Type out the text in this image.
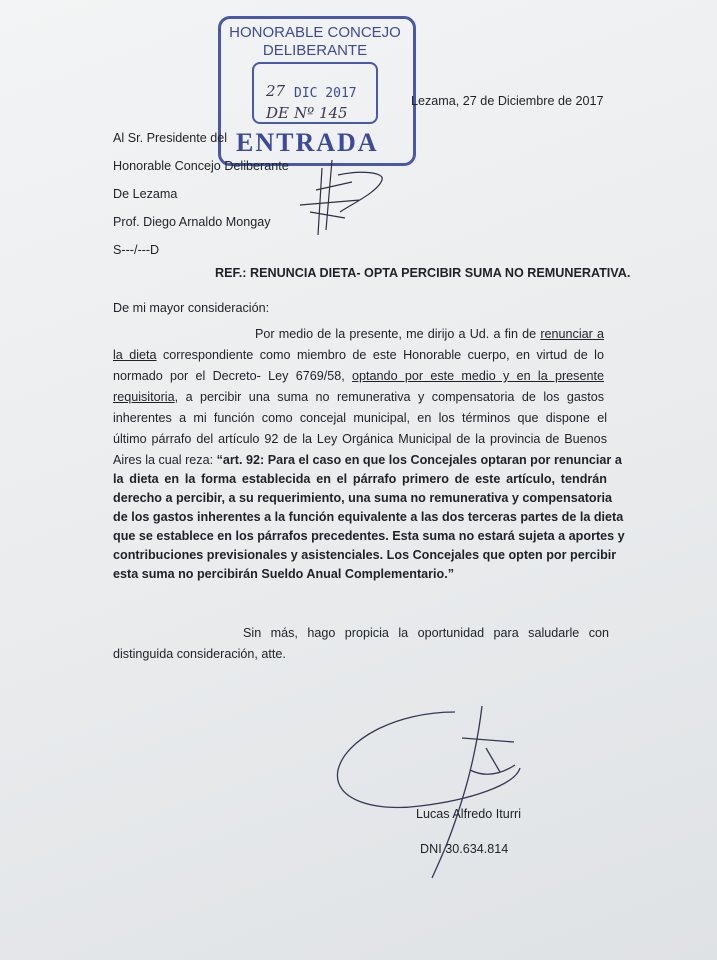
HONORABLE CONCEJO
DELIBERANTE
27 DIC 2017
DE Nº 145
ENTRADA
Lezama, 27 de Diciembre de 2017
Al Sr. Presidente del
Honorable Concejo Deliberante
De Lezama
Prof. Diego Arnaldo Mongay
S---/---D
REF.: RENUNCIA DIETA- OPTA PERCIBIR SUMA NO REMUNERATIVA.
De mi mayor consideración:
Por medio de la presente, me dirijo a Ud. a fin de renunciar a
la dieta correspondiente como miembro de este Honorable cuerpo, en virtud de lo
normado por el Decreto- Ley 6769/58, optando por este medio y en la presente
requisitoria, a percibir una suma no remunerativa y compensatoria de los gastos
inherentes a mi función como concejal municipal, en los términos que dispone el
último párrafo del artículo 92 de la Ley Orgánica Municipal de la provincia de Buenos
Aires la cual reza: “art. 92: Para el caso en que los Concejales optaran por renunciar a
la dieta en la forma establecida en el párrafo primero de este artículo, tendrán
derecho a percibir, a su requerimiento, una suma no remunerativa y compensatoria
de los gastos inherentes a la función equivalente a las dos terceras partes de la dieta
que se establece en los párrafos precedentes. Esta suma no estará sujeta a aportes y
contribuciones previsionales y asistenciales. Los Concejales que opten por percibir
esta suma no percibirán Sueldo Anual Complementario.”
Sin más, hago propicia la oportunidad para saludarle con
distinguida consideración, atte.
Lucas Alfredo Iturri
DNI 30.634.814
